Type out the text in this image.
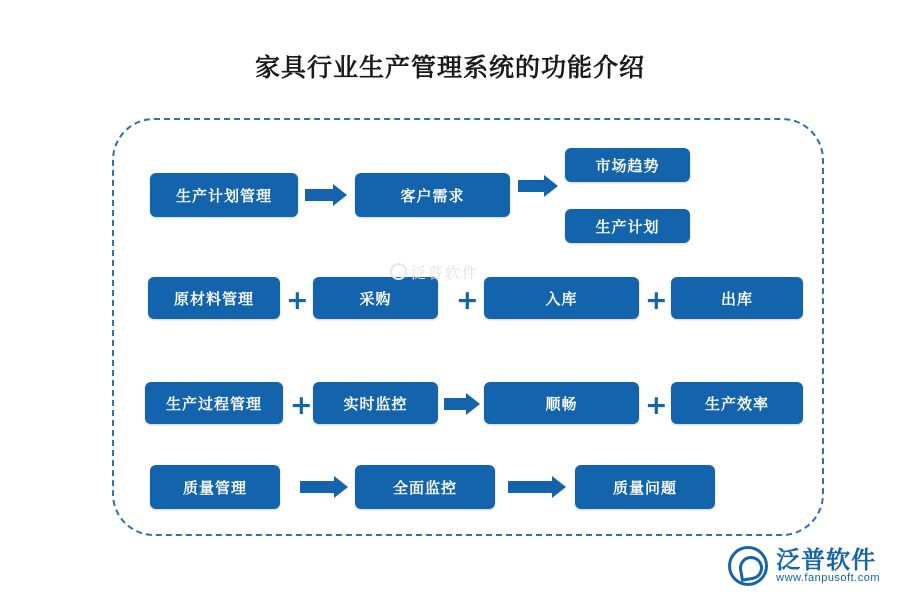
家具行业生产管理系统的功能介绍
生产计划管理	客户需求
市场趋势
生产计划
原材料管理	采购	入库	出库
+	+	+
生产过程管理	实时监控	顺畅	生产效率
+	+
质量管理	全面监控	质量问题
泛普软件
泛普软件
www.fanpusoft.com
